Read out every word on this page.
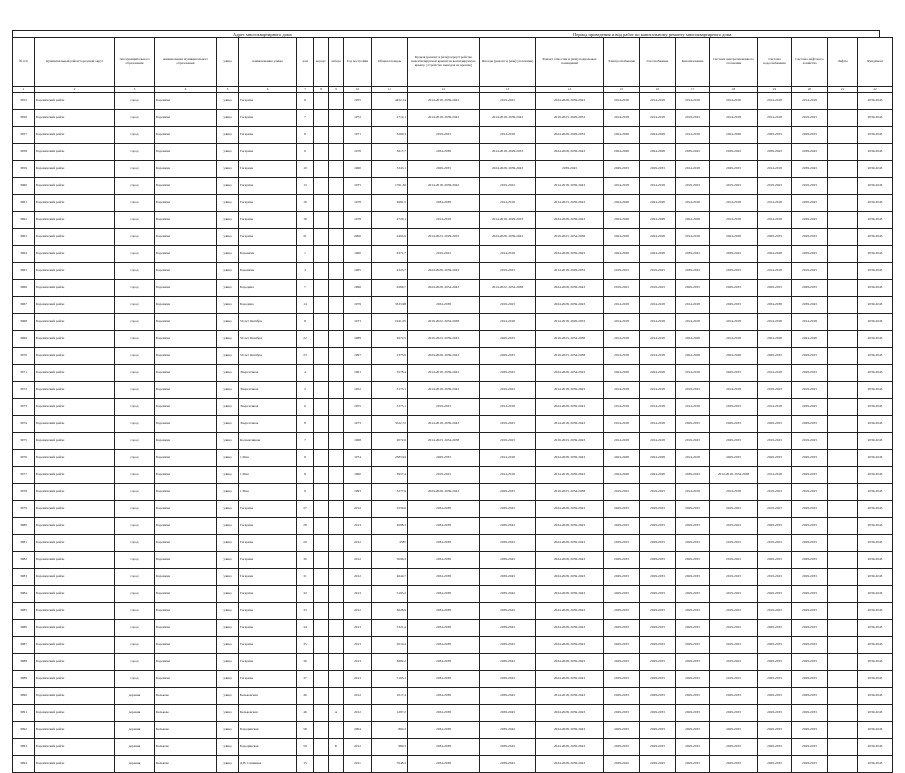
Адрес многоквартирного дома	Период проведения и вид работ по капитальному ремонту многоквартирного дома
№ п/п	муниципальный район/городской округ	тип муниципального образования	наименование муниципального образования	улица	наименование улицы	дом	корпус	литера	Год постройки	Общая площадь	Кровля (ремонт и (или) переустройство невентилируемой крыши на вентилируемую крышу, устройство выходов на кровлю)	Фасады (ремонт и (или) утепление)	Ремонт отмостки и (или) подвальных помещений	Электроснабжение	Газоснабжение	Канализование	Система централизованного отопления	Система водоснабжения	Система лифтового хозяйства	Лифты	Фундамент
1	2	3	4	5	6	7	8	9	10	11	12	13	14	15	16	17	18	19	20	21	22
3955	Боровичский район	город	Боровичи	улица	Гагарина	6			1955	4452,14	2014-2018, 2039-2043	2019-2023	2024-2028, 2039-2043	2014-2018	2014-2018	2014-2018	2014-2018	2014-2018	2014-2018		2039-2043
3956	Боровичский район	город	Боровичи	улица	Гагарина	7			1972	2712,1	2014-2018, 2039-2043	2014-2018, 2039-2043	2019-2023, 2029-2033	2014-2018	2014-2018	2019-2023	2014-2018	2014-2018	2019-2023		2039-2043
3957	Боровичский район	город	Боровичи	улица	Гагарина	8			1971	3260,3	2019-2023	2014-2018	2024-2028, 2029-2033	2024-2028	2024-2028	2014-2018	2024-2028	2029-2033	2029-2033		2039-2043
3958	Боровичский район	город	Боровичи	улица	Гагарина	9			1976	3617,7	2034-2038	2014-2018, 2029-2033	2024-2028, 2039-2043	2024-2028	2024-2028	2039-2043	2039-2043	2039-2043	2039-2043		2039-2043
3959	Боровичский район	город	Боровичи	улица	Гагарина	10			1960	3343,1	2029-2033	2024-2028, 2039-2043	2039-2043	2029-2033	2029-2033	2014-2018	2029-2033	2014-2018	2039-2043		2039-2043
3960	Боровичский район	город	Боровичи	улица	Гагарина	13			1975	1761,36	2014-2018, 2039-2043	2019-2023	2014-2018, 2039-2043	2014-2018	2014-2018	2019-2023	2019-2023	2019-2023	2019-2023		2039-2043
3961	Боровичский район	город	Боровичи	улица	Гагарина	16			1978	4981,5	2034-2038	2014-2018	2014-2023, 2039-2043	2024-2028	2024-2028	2014-2018	2014-2018	2014-2018	2039-2043		2039-2043
3962	Боровичский район	город	Боровичи	улица	Гагарина	18			1978	4720,1	2014-2018	2014-2018, 2029-2033	2024-2028, 2039-2043	2024-2028	2024-2028	2024-2028	2014-2018	2014-2018	2039-2043		2039-2043
3963	Боровичский район	город	Боровичи	улица	Гагарина	21			2000	4404,9	2014-2023, 2029-2033	2024-2028, 2039-2043	2019-2023, 2034-2038	2024-2028	2024-2028	2014-2018	2024-2028	2029-2033	2029-2033		2039-2043
3964	Боровичский район	город	Боровичи	улица	Боровичи	1			1960	6371,7	2019-2023	2014-2018	2024-2028, 2039-2043	2024-2028	2024-2028	2039-2043	2039-2043	2024-2028	2039-2043		2039-2043
3965	Боровичский район	город	Боровичи	улица	Боровичи	3			1965	4323,7	2024-2028, 2039-2043	2019-2023	2014-2018, 2029-2033	2019-2023	2019-2023	2039-2043	2029-2033	2014-2018	2019-2023		2039-2043
3966	Боровичский район	город	Боровичи	улица	Бородина	7			1996	4269,7	2024-2028, 2034-2043	2014-2022, 2034-2038	2024-2028, 2039-2043	2019-2023	2019-2023	2029-2033	2029-2033	2029-2033	2029-2033		2039-2043
3967	Боровичский район	город	Боровичи	улица	Бородина	14			1979	3333,98	2034-2038	2019-2023	2024-2028, 2039-2043	2014-2018	2014-2018	2014-2018	2029-2033	2034-2038	2039-2043		2039-2043
3968	Боровичский район	город	Боровичи	улица	50 лет Октября	8			1973	1941,05	2019-2022, 2034-2038	2014-2018	2014-2018, 2029-2033	2014-2018	2014-2018	2014-2018	2014-2018	2014-2018	2014-2018		2039-2043
3969	Боровичский район	город	Боровичи	улица	50 лет Октября	22			1989	2972,5	2019-2023, 2039-2043	2029-2033	2019-2023, 2034-2038	2014-2018	2014-2018	2024-2028	2014-2018	2024-2028	2024-2028		2039-2043
3970	Боровичский район	город	Боровичи	улица	50 лет Октября	23			1997	2373,9	2024-2028, 2039-2043	2029-2033	2019-2023, 2034-2038	2014-2018	2014-2018	2024-2028	2024-2028	2029-2033	2029-2033		2039-2043
3971	Боровичский район	город	Боровичи	улица	Энергетиков	4			1961	3578,4	2014-2018, 2039-2043	2039-2043	2024-2028, 2034-2043	2024-2028	2024-2028	2014-2018	2029-2033	2014-2018	2029-2033		2039-2043
3972	Боровичский район	город	Боровичи	улица	Энергетиков	5			1952	3173,1	2014-2018, 2039-2043	2019-2023	2014-2018, 2039-2043	2014-2018	2014-2018	2019-2023	2014-2018	2019-2023	2019-2023		2039-2043
3973	Боровичский район	город	Боровичи	улица	Энергетиков	6			1955	3173,1	2019-2023	2014-2018	2024-2028, 2039-2043	2014-2018	2014-2018	2014-2018	2029-2033	2014-2018	2039-2043		2039-2043
3974	Боровичский район	город	Боровичи	улица	Энергетиков	8			1973	3522,72	2014-2018, 2039-2043	2019-2023	2014-2018, 2039-2043	2014-2018	2014-2018	2029-2033	2029-2033	2029-2033	2029-2033		2039-2043
3975	Боровичский район	город	Боровичи	улица	Коллективная	7			1968	2072,6	2014-2023, 2034-2038	2019-2023	2019-2023, 2039-2043	2014-2018	2014-2018	2019-2023	2029-2033	2019-2023	2019-2023		2039-2043
3976	Боровичский район	город	Боровичи	улица	1 Мая	6			1974	2383,94	2029-2033	2014-2018	2024-2028, 2039-2043	2024-2028	2024-2028	2014-2018	2029-2033	2029-2033	2029-2033		2039-2043
3977	Боровичский район	город	Боровичи	улица	1 Мая	8			1960	3957,4	2019-2023	2014-2018	2014-2018, 2039-2043	2024-2028	2024-2028	2039-2043	2014-2018, 2034-2038	2014-2018	2029-2033		2039-2043
3978	Боровичский район	город	Боровичи	улица	1 Мая	9			1993	3277,9	2024-2028, 2039-2043	2029-2033	2019-2023, 2034-2038	2019-2023	2019-2023	2014-2018	2014-2018	2019-2023	2019-2023		2039-2043
3979	Боровичский район	город	Боровичи	улица	Гагарина	27			2012	2559,6	2034-2038	2039-2043	2024-2028, 2039-2043	2029-2033	2029-2033	2029-2033	2019-2023	2019-2023	2029-2033		2039-2043
3980	Боровичский район	город	Боровичи	улица	Гагарина	28			2013	4098,3	2034-2038	2039-2043	2024-2028, 2039-2043	2029-2033	2029-2033	2029-2033	2019-2023	2029-2033	2029-2033		2039-2043
3981	Боровичский район	город	Боровичи	улица	Гагарина	29			2012	4587	2034-2038	2039-2043	2024-2028, 2039-2043	2029-2033	2029-2033	2029-2033	2019-2023	2019-2023	2029-2033		2039-2043
3982	Боровичский район	город	Боровичи	улица	Гагарина	30			2012	5096,3	2034-2038	2039-2043	2024-2028, 2039-2043	2029-2033	2029-2033	2029-2033	2019-2023	2029-2033	2029-2033		2039-2043
3983	Боровичский район	город	Боровичи	улица	Гагарина	31			2012	4644,7	2034-2038	2039-2043	2024-2028, 2039-2043	2029-2033	2029-2033	2029-2033	2019-2023	2019-2023	2029-2033		2039-2043
3984	Боровичский район	город	Боровичи	улица	Гагарина	32			2013	5193,2	2034-2038	2039-2043	2024-2028, 2039-2043	2029-2033	2029-2033	2029-2033	2019-2023	2029-2033	2029-2033		2039-2043
3985	Боровичский район	город	Боровичи	улица	Гагарина	33			2012	3628,9	2034-2038	2039-2043	2024-2028, 2039-2043	2029-2033	2029-2033	2029-2033	2019-2023	2019-2023	2029-2033		2039-2043
3986	Боровичский район	город	Боровичи	улица	Гагарина	34			2013	5321,4	2034-2038	2039-2043	2024-2028, 2039-2043	2029-2033	2029-2033	2029-2033	2019-2023	2029-2033	2029-2033		2039-2043
3987	Боровичский район	город	Боровичи	улица	Гагарина	35			2013	5019,4	2034-2038	2039-2043	2024-2028, 2039-2043	2029-2033	2029-2033	2029-2033	2019-2023	2029-2033	2029-2033		2039-2043
3988	Боровичский район	город	Боровичи	улица	Гагарина	36			2013	3682,2	2034-2038	2039-2043	2024-2028, 2039-2043	2029-2033	2029-2033	2029-2033	2019-2023	2029-2033	2029-2033		2039-2043
3989	Боровичский район	город	Боровичи	улица	Гагарина	37			2013	5163,1	2034-2038	2039-2043	2024-2028, 2039-2043	2029-2033	2029-2033	2029-2033	2019-2023	2029-2033	2029-2033		2039-2043
3990	Боровичский район	деревня	Бельково	улица	Бельковская	46			2012	1017,4	2034-2038	2039-2043	2014-2018, 2039-2043	2029-2033	2029-2033	2029-2033	2029-2033	2029-2033	2029-2033		2039-2043
3991	Боровичский район	деревня	Бельково	улица	Бельковская	46		А	2012	1287,2	2034-2038	2039-2043	2024-2028, 2039-2043	2029-2033	2029-2033	2029-2033	2029-2033	2029-2033	2029-2033		2039-2043
3992	Боровичский район	деревня	Бельково	улица	Бородинская	58			2004	894,3	2034-2038	2039-2043	2024-2028, 2039-2043	2029-2033	2029-2033	2029-2033	2029-2033	2029-2033	2029-2033		2039-2043
3993	Боровичский район	деревня	Бельково	улица	Бородинская	59		Б	2012	989,3	2034-2038	2039-2043	2024-2028, 2039-2043	2029-2033	2029-2033	2029-2033	2029-2033	2029-2033	2029-2033		2039-2043
3994	Боровичский район	деревня	Бельково	улица	Д.Н. Сенявина	15			2011	7648,3	2034-2038	2039-2043	2024-2028, 2039-2043	2039-2043	2039-2043	2029-2033	2029-2033	2029-2033	2029-2033		2039-2043
